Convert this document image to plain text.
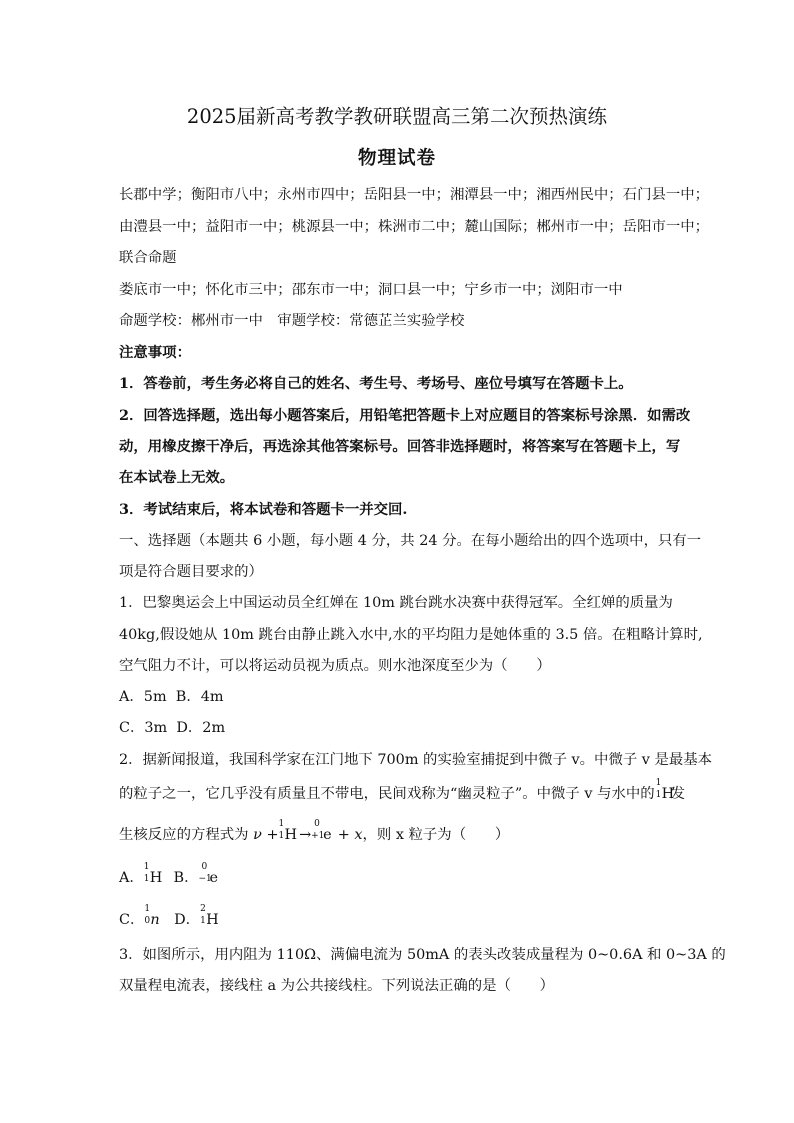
2025届新高考教学教研联盟高三第二次预热演练
物理试卷
长郡中学；衡阳市八中；永州市四中；岳阳县一中；湘潭县一中；湘西州民中；石门县一中；
由澧县一中；益阳市一中；桃源县一中；株洲市二中；麓山国际；郴州市一中；岳阳市一中；
联合命题
娄底市一中；怀化市三中；邵东市一中；洞口县一中；宁乡市一中；浏阳市一中
命题学校：郴州市一中　审题学校：常德芷兰实验学校
注意事项：
1．答卷前，考生务必将自己的姓名、考生号、考场号、座位号填写在答题卡上。
2．回答选择题，选出每小题答案后，用铅笔把答题卡上对应题目的答案标号涂黑．如需改
动，用橡皮擦干净后，再选涂其他答案标号。回答非选择题时，将答案写在答题卡上，写
在本试卷上无效。
3．考试结束后，将本试卷和答题卡一并交回.
一、选择题（本题共 6 小题，每小题 4 分，共 24 分。在每小题给出的四个选项中，只有一
项是符合题目要求的）
1．巴黎奥运会上中国运动员全红婵在 10m 跳台跳水决赛中获得冠军。全红婵的质量为
40kg,假设她从 10m 跳台由静止跳入水中,水的平均阻力是她体重的 3.5 倍。在粗略计算时,
空气阻力不计，可以将运动员视为质点。则水池深度至少为（　　）
A．5m B．4m
C．3m D．2m
2．据新闻报道，我国科学家在江门地下 700m 的实验室捕捉到中微子 v。中微子 v 是最基本
的粒子之一，它几乎没有质量且不带电，民间戏称为“幽灵粒子”。中微子 v 与水中的
1
1 H发
生核反应的方程式为 ν +
1
1 H →
0
+1
e + x，则 x 粒子为（　　）
A．
1
1 H B．
0
−1
e
C．
1
0 n D．
2
1 H
3．如图所示，用内阻为 110Ω、满偏电流为 50mA 的表头改装成量程为 0~0.6A 和 0~3A 的
双量程电流表，接线柱 a 为公共接线柱。下列说法正确的是（　　）
